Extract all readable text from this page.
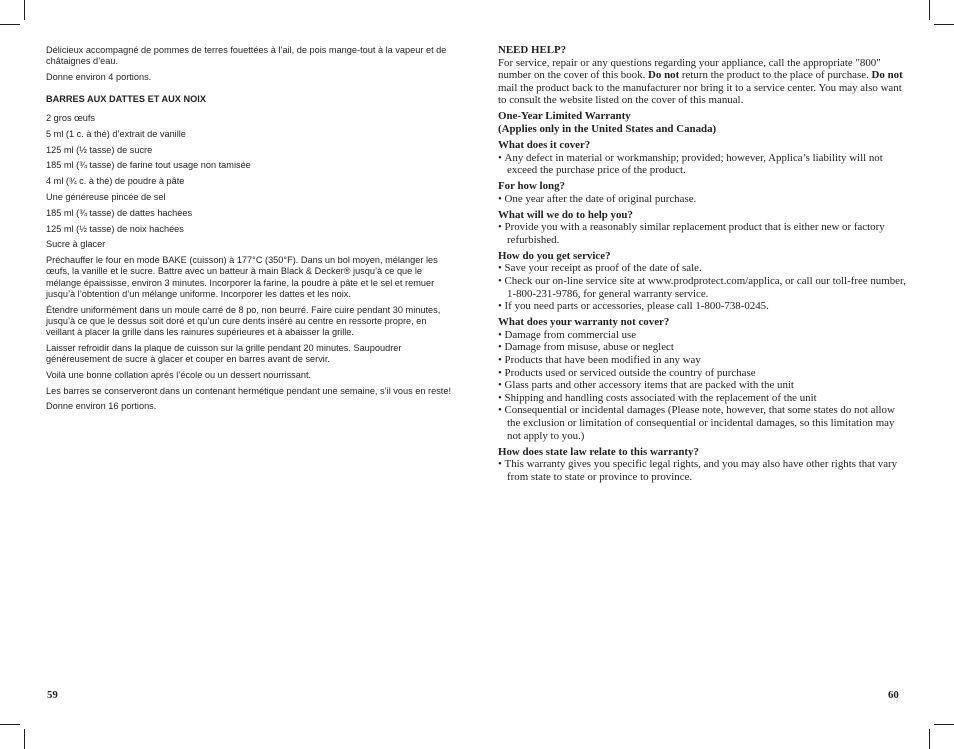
Délicieux accompagné de pommes de terres fouettées à l’ail, de pois mange-tout à la vapeur et de châtaignes d’eau.

Donne environ 4 portions.

BARRES AUX DATTES ET AUX NOIX

2 gros œufs

5 ml (1 c. à thé) d’extrait de vanille

125 ml (½ tasse) de sucre

185 ml (¾ tasse) de farine tout usage non tamisée

4 ml (¾ c. à thé) de poudre à pâte

Une généreuse pincée de sel

185 ml (¾ tasse) de dattes hachées

125 ml (½ tasse) de noix hachées

Sucre à glacer

Préchauffer le four en mode BAKE (cuisson) à 177°C (350°F). Dans un bol moyen, mélanger les œufs, la vanille et le sucre. Battre avec un batteur à main Black & Decker® jusqu’à ce que le mélange épaississe, environ 3 minutes. Incorporer la farine, la poudre à pâte et le sel et remuer jusqu’à l’obtention d’un mélange uniforme. Incorporer les dattes et les noix.

Étendre uniformément dans un moule carré de 8 po, non beurré. Faire cuire pendant 30 minutes, jusqu’à ce que le dessus soit doré et qu’un cure dents inséré au centre en ressorte propre, en veillant à placer la grille dans les rainures supérieures et à abaisser la grille.

Laisser refroidir dans la plaque de cuisson sur la grille pendant 20 minutes. Saupoudrer généreusement de sucre à glacer et couper en barres avant de servir.

Voilà une bonne collation après l’école ou un dessert nourrissant.

Les barres se conserveront dans un contenant hermétique pendant une semaine, s’il vous en reste!

Donne environ 16 portions.

59
NEED HELP?

For service, repair or any questions regarding your appliance, call the appropriate "800" number on the cover of this book. Do not return the product to the place of purchase. Do not mail the product back to the manufacturer nor bring it to a service center. You may also want to consult the website listed on the cover of this manual.

One-Year Limited Warranty
(Applies only in the United States and Canada)
What does it cover?
• Any defect in material or workmanship; provided; however, Applica’s liability will not exceed the purchase price of the product.
For how long?
• One year after the date of original purchase.
What will we do to help you?
• Provide you with a reasonably similar replacement product that is either new or factory refurbished.
How do you get service?
• Save your receipt as proof of the date of sale.
• Check our on-line service site at www.prodprotect.com/applica, or call our toll-free number, 1-800-231-9786, for general warranty service.
• If you need parts or accessories, please call 1-800-738-0245.
What does your warranty not cover?
• Damage from commercial use
• Damage from misuse, abuse or neglect
• Products that have been modified in any way
• Products used or serviced outside the country of purchase
• Glass parts and other accessory items that are packed with the unit
• Shipping and handling costs associated with the replacement of the unit
• Consequential or incidental damages (Please note, however, that some states do not allow the exclusion or limitation of consequential or incidental damages, so this limitation may not apply to you.)
How does state law relate to this warranty?
• This warranty gives you specific legal rights, and you may also have other rights that vary from state to state or province to province.
60
